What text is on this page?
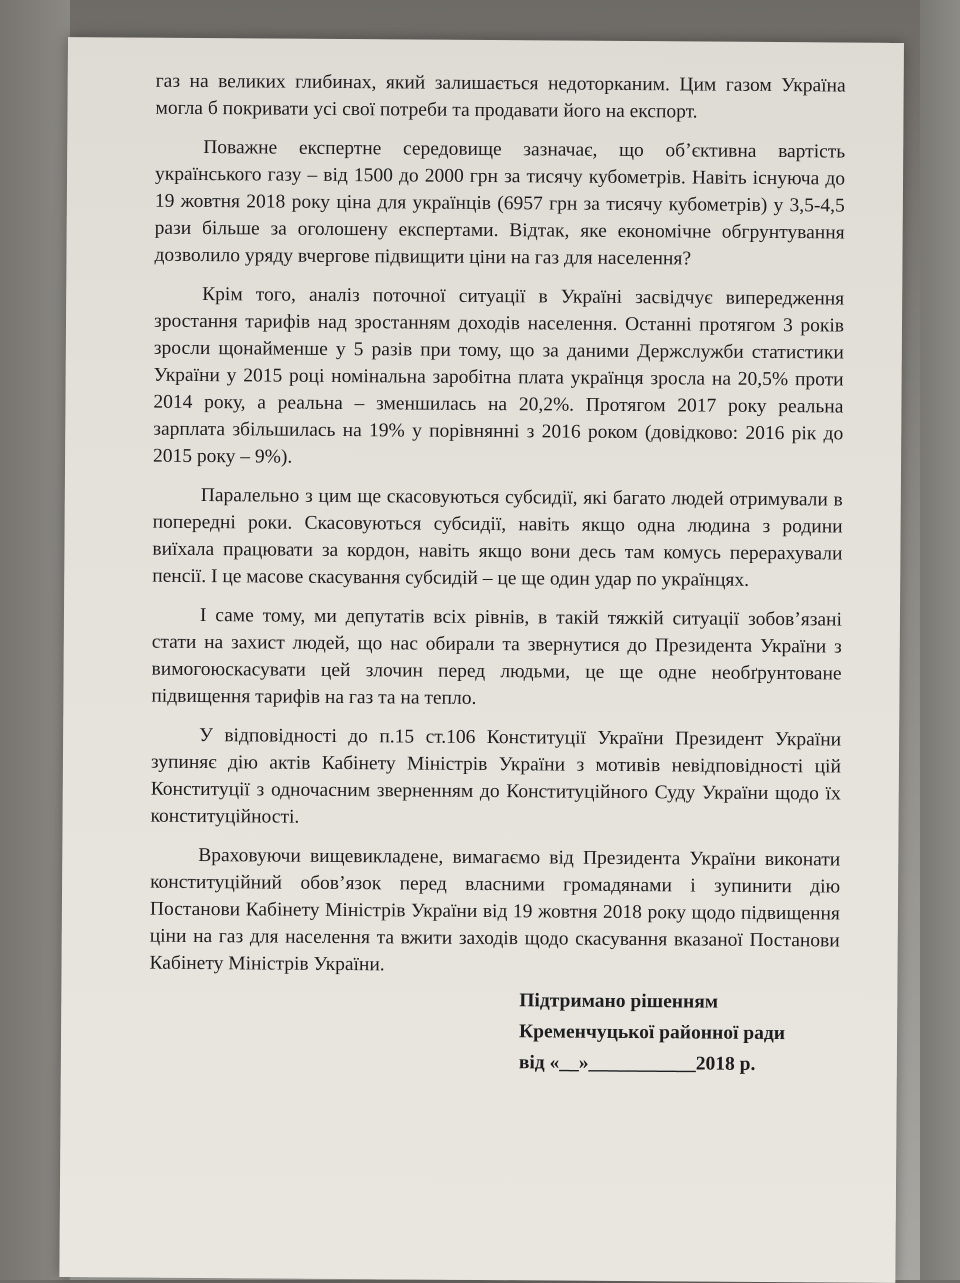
газ на великих глибинах, який залишається недоторканим. Цим газом Україна могла б покривати усі свої потреби та продавати його на експорт.

Поважне експертне середовище зазначає, що об’єктивна вартість українського газу – від 1500 до 2000 грн за тисячу кубометрів. Навіть існуюча до 19 жовтня 2018 року ціна для українців (6957 грн за тисячу кубометрів) у 3,5-4,5 рази більше за оголошену експертами. Відтак, яке економічне обгрунтування дозволило уряду вчергове підвищити ціни на газ для населення?

Крім того, аналіз поточної ситуації в Україні засвідчує випередження зростання тарифів над зростанням доходів населення. Останні протягом 3 років зросли щонайменше у 5 разів при тому, що за даними Держслужби статистики України у 2015 році номінальна заробітна плата українця зросла на 20,5% проти 2014 року, а реальна – зменшилась на 20,2%. Протягом 2017 року реальна зарплата збільшилась на 19% у порівнянні з 2016 роком (довідково: 2016 рік до 2015 року – 9%).

Паралельно з цим ще скасовуються субсидії, які багато людей отримували в попередні роки. Скасовуються субсидії, навіть якщо одна людина з родини виїхала працювати за кордон, навіть якщо вони десь там комусь перерахували пенсії. І це масове скасування субсидій – це ще один удар по українцях.

І саме тому, ми депутатів всіх рівнів, в такій тяжкій ситуації зобов’язані стати на захист людей, що нас обирали та звернутися до Президента України з вимогоюскасувати цей злочин перед людьми, це ще одне необґрунтоване підвищення тарифів на газ та на тепло.

У відповідності до п.15 ст.106 Конституції України Президент України зупиняє дію актів Кабінету Міністрів України з мотивів невідповідності цій Конституції з одночасним зверненням до Конституційного Суду України щодо їх конституційності.

Враховуючи вищевикладене, вимагаємо від Президента України виконати конституційний обов’язок перед власними громадянами і зупинити дію Постанови Кабінету Міністрів України від 19 жовтня 2018 року щодо підвищення ціни на газ для населення та вжити заходів щодо скасування вказаної Постанови Кабінету Міністрів України.

Підтримано рішенням
Кременчуцької районної ради
від «__»___________2018 р.
